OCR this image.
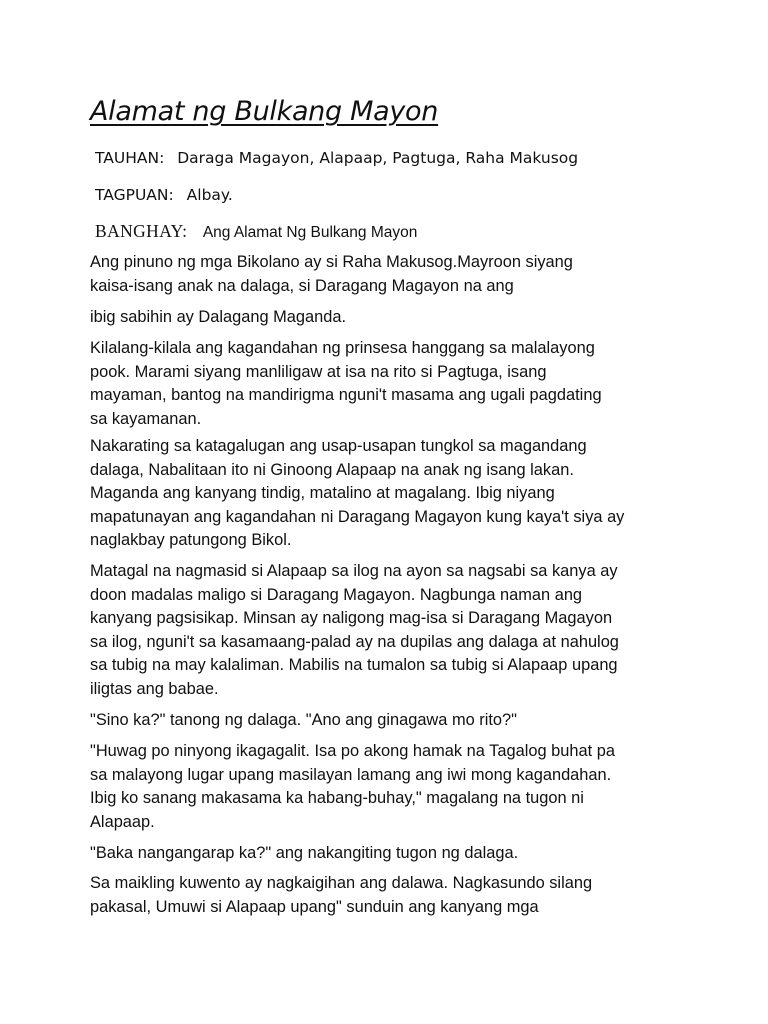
Alamat ng Bulkang Mayon

TAUHAN: Daraga Magayon, Alapaap, Pagtuga, Raha Makusog

TAGPUAN: Albay.

BANGHAY: Ang Alamat Ng Bulkang Mayon

Ang pinuno ng mga Bikolano ay si Raha Makusog.Mayroon siyang
kaisa-isang anak na dalaga, si Daragang Magayon na ang

ibig sabihin ay Dalagang Maganda.

Kilalang-kilala ang kagandahan ng prinsesa hanggang sa malalayong
pook. Marami siyang manliligaw at isa na rito si Pagtuga, isang
mayaman, bantog na mandirigma nguni't masama ang ugali pagdating
sa kayamanan.

Nakarating sa katagalugan ang usap-usapan tungkol sa magandang
dalaga, Nabalitaan ito ni Ginoong Alapaap na anak ng isang lakan.
Maganda ang kanyang tindig, matalino at magalang. Ibig niyang
mapatunayan ang kagandahan ni Daragang Magayon kung kaya't siya ay
naglakbay patungong Bikol.

Matagal na nagmasid si Alapaap sa ilog na ayon sa nagsabi sa kanya ay
doon madalas maligo si Daragang Magayon. Nagbunga naman ang
kanyang pagsisikap. Minsan ay naligong mag-isa si Daragang Magayon
sa ilog, nguni't sa kasamaang-palad ay na dupilas ang dalaga at nahulog
sa tubig na may kalaliman. Mabilis na tumalon sa tubig si Alapaap upang
iligtas ang babae.

"Sino ka?" tanong ng dalaga. "Ano ang ginagawa mo rito?"

"Huwag po ninyong ikagagalit. Isa po akong hamak na Tagalog buhat pa
sa malayong lugar upang masilayan lamang ang iwi mong kagandahan.
Ibig ko sanang makasama ka habang-buhay," magalang na tugon ni
Alapaap.

"Baka nangangarap ka?" ang nakangiting tugon ng dalaga.

Sa maikling kuwento ay nagkaigihan ang dalawa. Nagkasundo silang
pakasal, Umuwi si Alapaap upang" sunduin ang kanyang mga
